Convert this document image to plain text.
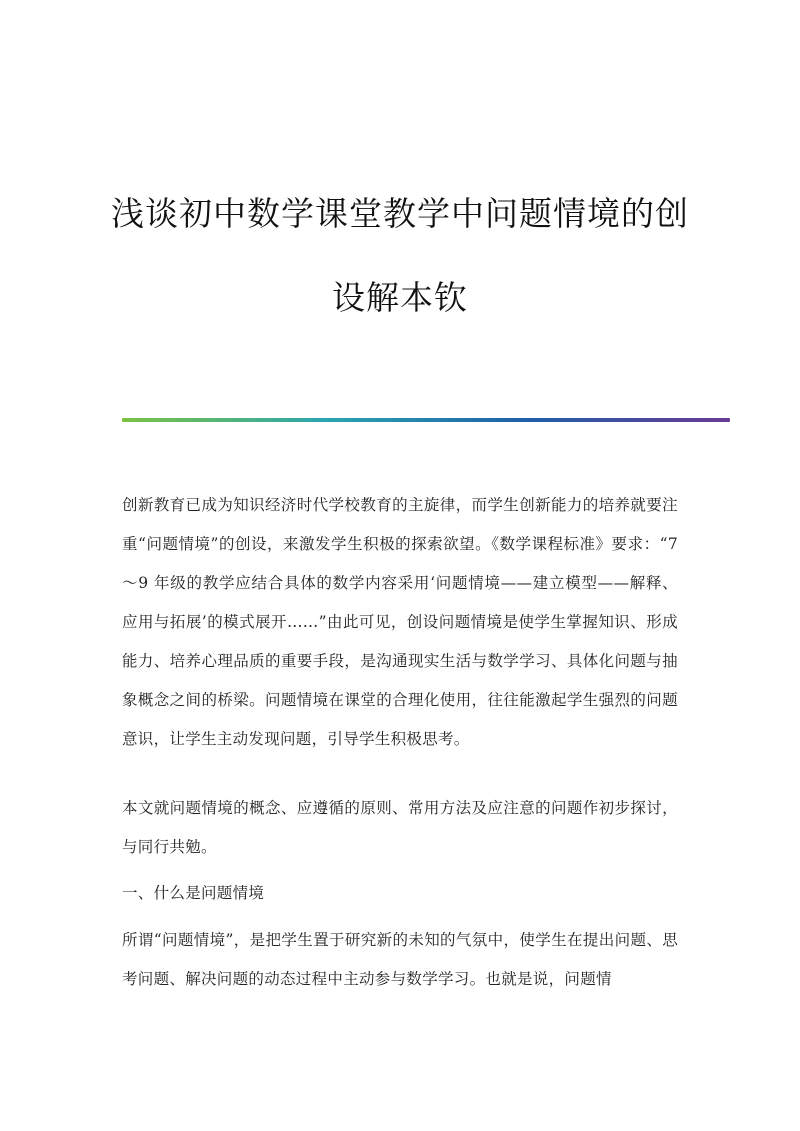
浅谈初中数学课堂教学中问题情境的创
设解本钦

创新教育已成为知识经济时代学校教育的主旋律，而学生创新能力的培养就要注重“问题情境”的创设，来激发学生积极的探索欲望。《数学课程标准》要求：“7～9 年级的教学应结合具体的数学内容采用‘问题情境——建立模型——解释、应用与拓展’的模式展开……”由此可见，创设问题情境是使学生掌握知识、形成能力、培养心理品质的重要手段，是沟通现实生活与数学学习、具体化问题与抽象概念之间的桥梁。问题情境在课堂的合理化使用，往往能激起学生强烈的问题意识，让学生主动发现问题，引导学生积极思考。

本文就问题情境的概念、应遵循的原则、常用方法及应注意的问题作初步探讨，与同行共勉。

一、什么是问题情境

所谓“问题情境”，是把学生置于研究新的未知的气氛中，使学生在提出问题、思考问题、解决问题的动态过程中主动参与数学学习。也就是说，问题情
